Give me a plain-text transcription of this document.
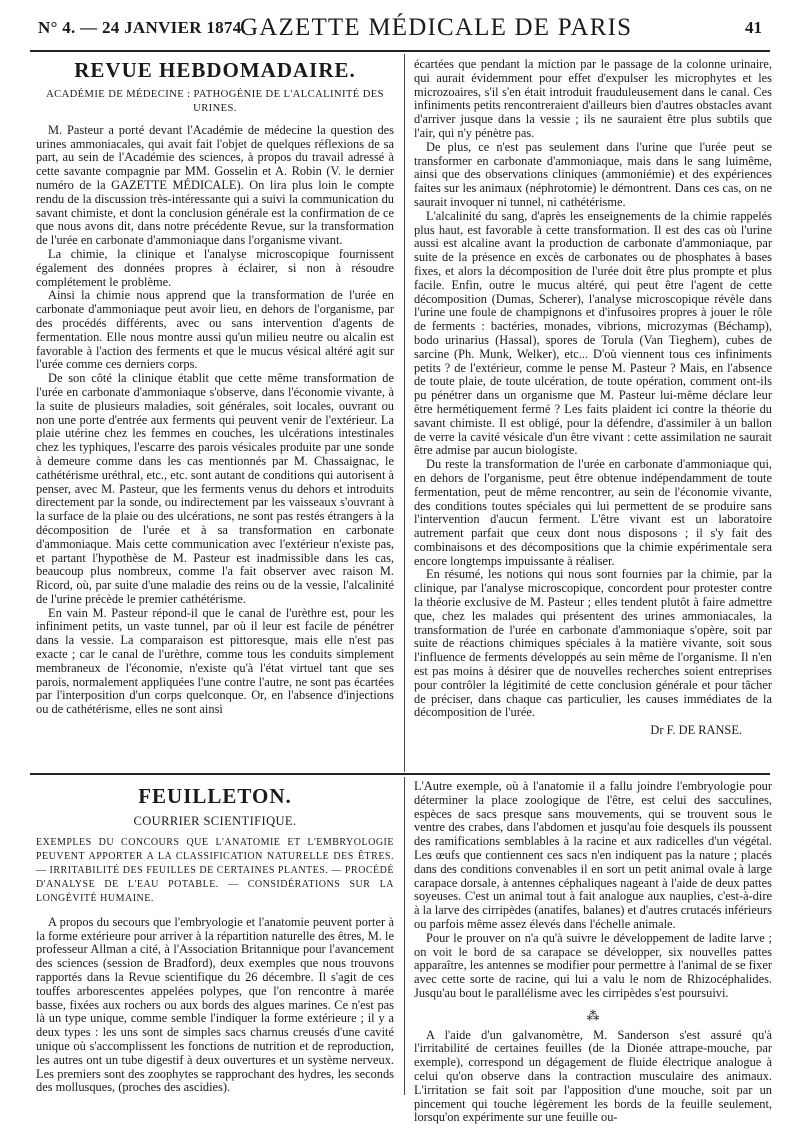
N° 4. — 24 JANVIER 1874.
GAZETTE MÉDICALE DE PARIS	41
REVUE HEBDOMADAIRE.
ACADÉMIE DE MÉDECINE : PATHOGÉNIE DE L'ALCALINITÉ DES URINES.

M. Pasteur a porté devant l'Académie de médecine la question des urines ammoniacales, qui avait fait l'objet de quelques réflexions de sa part, au sein de l'Académie des sciences, à propos du travail adressé à cette savante compagnie par MM. Gosselin et A. Robin (V. le dernier numéro de la GAZETTE MÉDICALE). On lira plus loin le compte rendu de la discussion très-intéressante qui a suivi la communication du savant chimiste, et dont la conclusion générale est la confirmation de ce que nous avons dit, dans notre précédente Revue, sur la transformation de l'urée en carbonate d'ammoniaque dans l'organisme vivant.

La chimie, la clinique et l'analyse microscopique fournissent également des données propres à éclairer, si non à résoudre complétement le problème.

Ainsi la chimie nous apprend que la transformation de l'urée en carbonate d'ammoniaque peut avoir lieu, en dehors de l'organisme, par des procédés différents, avec ou sans intervention d'agents de fermentation. Elle nous montre aussi qu'un milieu neutre ou alcalin est favorable à l'action des ferments et que le mucus vésical altéré agit sur l'urée comme ces derniers corps.

De son côté la clinique établit que cette même transformation de l'urée en carbonate d'ammoniaque s'observe, dans l'économie vivante, à la suite de plusieurs maladies, soit générales, soit locales, ouvrant ou non une porte d'entrée aux ferments qui peuvent venir de l'extérieur. La plaie utérine chez les femmes en couches, les ulcérations intestinales chez les typhiques, l'escarre des parois vésicales produite par une sonde à demeure comme dans les cas mentionnés par M. Chassaignac, le cathétérisme uréthral, etc., etc. sont autant de conditions qui autorisent à penser, avec M. Pasteur, que les ferments venus du dehors et introduits directement par la sonde, ou indirectement par les vaisseaux s'ouvrant à la surface de la plaie ou des ulcérations, ne sont pas restés étrangers à la décomposition de l'urée et à sa transformation en carbonate d'ammoniaque. Mais cette communication avec l'extérieur n'existe pas, et partant l'hypothèse de M. Pasteur est inadmissible dans les cas, beaucoup plus nombreux, comme l'a fait observer avec raison M. Ricord, où, par suite d'une maladie des reins ou de la vessie, l'alcalinité de l'urine précède le premier cathétérisme.

En vain M. Pasteur répond-il que le canal de l'urèthre est, pour les infiniment petits, un vaste tunnel, par où il leur est facile de pénétrer dans la vessie. La comparaison est pittoresque, mais elle n'est pas exacte ; car le canal de l'urèthre, comme tous les conduits simplement membraneux de l'économie, n'existe qu'à l'état virtuel tant que ses parois, normalement appliquées l'une contre l'autre, ne sont pas écartées par l'interposition d'un corps quelconque. Or, en l'absence d'injections ou de cathétérisme, elles ne sont ainsi

écartées que pendant la miction par le passage de la colonne urinaire, qui aurait évidemment pour effet d'expulser les microphytes et les microzoaires, s'il s'en était introduit frauduleusement dans le canal. Ces infiniments petits rencontreraient d'ailleurs bien d'autres obstacles avant d'arriver jusque dans la vessie ; ils ne sauraient être plus subtils que l'air, qui n'y pénètre pas.

De plus, ce n'est pas seulement dans l'urine que l'urée peut se transformer en carbonate d'ammoniaque, mais dans le sang luimême, ainsi que des observations cliniques (ammoniémie) et des expériences faites sur les animaux (néphrotomie) le démontrent. Dans ces cas, on ne saurait invoquer ni tunnel, ni cathétérisme.

L'alcalinité du sang, d'après les enseignements de la chimie rappelés plus haut, est favorable à cette transformation. Il est des cas où l'urine aussi est alcaline avant la production de carbonate d'ammoniaque, par suite de la présence en excès de carbonates ou de phosphates à bases fixes, et alors la décomposition de l'urée doit être plus prompte et plus facile. Enfin, outre le mucus altéré, qui peut être l'agent de cette décomposition (Dumas, Scherer), l'analyse microscopique révèle dans l'urine une foule de champignons et d'infusoires propres à jouer le rôle de ferments : bactéries, monades, vibrions, microzymas (Béchamp), bodo urinarius (Hassal), spores de Torula (Van Tieghem), cubes de sarcine (Ph. Munk, Welker), etc... D'où viennent tous ces infiniments petits ? de l'extérieur, comme le pense M. Pasteur ? Mais, en l'absence de toute plaie, de toute ulcération, de toute opération, comment ont-ils pu pénétrer dans un organisme que M. Pasteur lui-même déclare leur être hermétiquement fermé ? Les faits plaident ici contre la théorie du savant chimiste. Il est obligé, pour la défendre, d'assimiler à un ballon de verre la cavité vésicale d'un être vivant : cette assimilation ne saurait être admise par aucun biologiste.

Du reste la transformation de l'urée en carbonate d'ammoniaque qui, en dehors de l'organisme, peut être obtenue indépendamment de toute fermentation, peut de même rencontrer, au sein de l'économie vivante, des conditions toutes spéciales qui lui permettent de se produire sans l'intervention d'aucun ferment. L'être vivant est un laboratoire autrement parfait que ceux dont nous disposons ; il s'y fait des combinaisons et des décompositions que la chimie expérimentale sera encore longtemps impuissante à réaliser.

En résumé, les notions qui nous sont fournies par la chimie, par la clinique, par l'analyse microscopique, concordent pour protester contre la théorie exclusive de M. Pasteur ; elles tendent plutôt à faire admettre que, chez les malades qui présentent des urines ammoniacales, la transformation de l'urée en carbonate d'ammoniaque s'opère, soit par suite de réactions chimiques spéciales à la matière vivante, soit sous l'influence de ferments développés au sein même de l'organisme. Il n'en est pas moins à désirer que de nouvelles recherches soient entreprises pour contrôler la légitimité de cette conclusion générale et pour tâcher de préciser, dans chaque cas particulier, les causes immédiates de la décomposition de l'urée.

Dr F. DE RANSE.
FEUILLETON.
COURRIER SCIENTIFIQUE.
EXEMPLES DU CONCOURS QUE L'ANATOMIE ET L'EMBRYOLOGIE PEUVENT APPORTER A LA CLASSIFICATION NATURELLE DES ÊTRES. — IRRITABILITÉ DES FEUILLES DE CERTAINES PLANTES. — PROCÉDÉ D'ANALYSE DE L'EAU POTABLE. — CONSIDÉRATIONS SUR LA LONGÉVITÉ HUMAINE.

A propos du secours que l'embryologie et l'anatomie peuvent porter à la forme extérieure pour arriver à la répartition naturelle des êtres, M. le professeur Allman a cité, à l'Association Britannique pour l'avancement des sciences (session de Bradford), deux exemples que nous trouvons rapportés dans la Revue scientifique du 26 décembre. Il s'agit de ces touffes arborescentes appelées polypes, que l'on rencontre à marée basse, fixées aux rochers ou aux bords des algues marines. Ce n'est pas là un type unique, comme semble l'indiquer la forme extérieure ; il y a deux types : les uns sont de simples sacs charnus creusés d'une cavité unique où s'accomplissent les fonctions de nutrition et de reproduction, les autres ont un tube digestif à deux ouvertures et un système nerveux. Les premiers sont des zoophytes se rapprochant des hydres, les seconds des mollusques, (proches des ascidies).

L'Autre exemple, où à l'anatomie il a fallu joindre l'embryologie pour déterminer la place zoologique de l'être, est celui des sacculines, espèces de sacs presque sans mouvements, qui se trouvent sous le ventre des crabes, dans l'abdomen et jusqu'au foie desquels ils poussent des ramifications semblables à la racine et aux radicelles d'un végétal. Les œufs que contiennent ces sacs n'en indiquent pas la nature ; placés dans des conditions convenables il en sort un petit animal ovale à large carapace dorsale, à antennes céphaliques nageant à l'aide de deux pattes soyeuses. C'est un animal tout à fait analogue aux nauplies, c'est-à-dire à la larve des cirripèdes (anatifes, balanes) et d'autres crutacés inférieurs ou parfois même assez élevés dans l'échelle animale.

Pour le prouver on n'a qu'à suivre le développement de ladite larve ; on voit le bord de sa carapace se développer, six nouvelles pattes apparaître, les antennes se modifier pour permettre à l'animal de se fixer avec cette sorte de racine, qui lui a valu le nom de Rhizocéphalides. Jusqu'au bout le parallélisme avec les cirripèdes s'est poursuivi.

⁂

A l'aide d'un galvanomètre, M. Sanderson s'est assuré qu'à l'irritabilité de certaines feuilles (de la Dionée attrape-mouche, par exemple), correspond un dégagement de fluide électrique analogue à celui qu'on observe dans la contraction musculaire des animaux. L'irritation se fait soit par l'apposition d'une mouche, soit par un pincement qui touche légèrement les bords de la feuille seulement, lorsqu'on expérimente sur une feuille ou-
